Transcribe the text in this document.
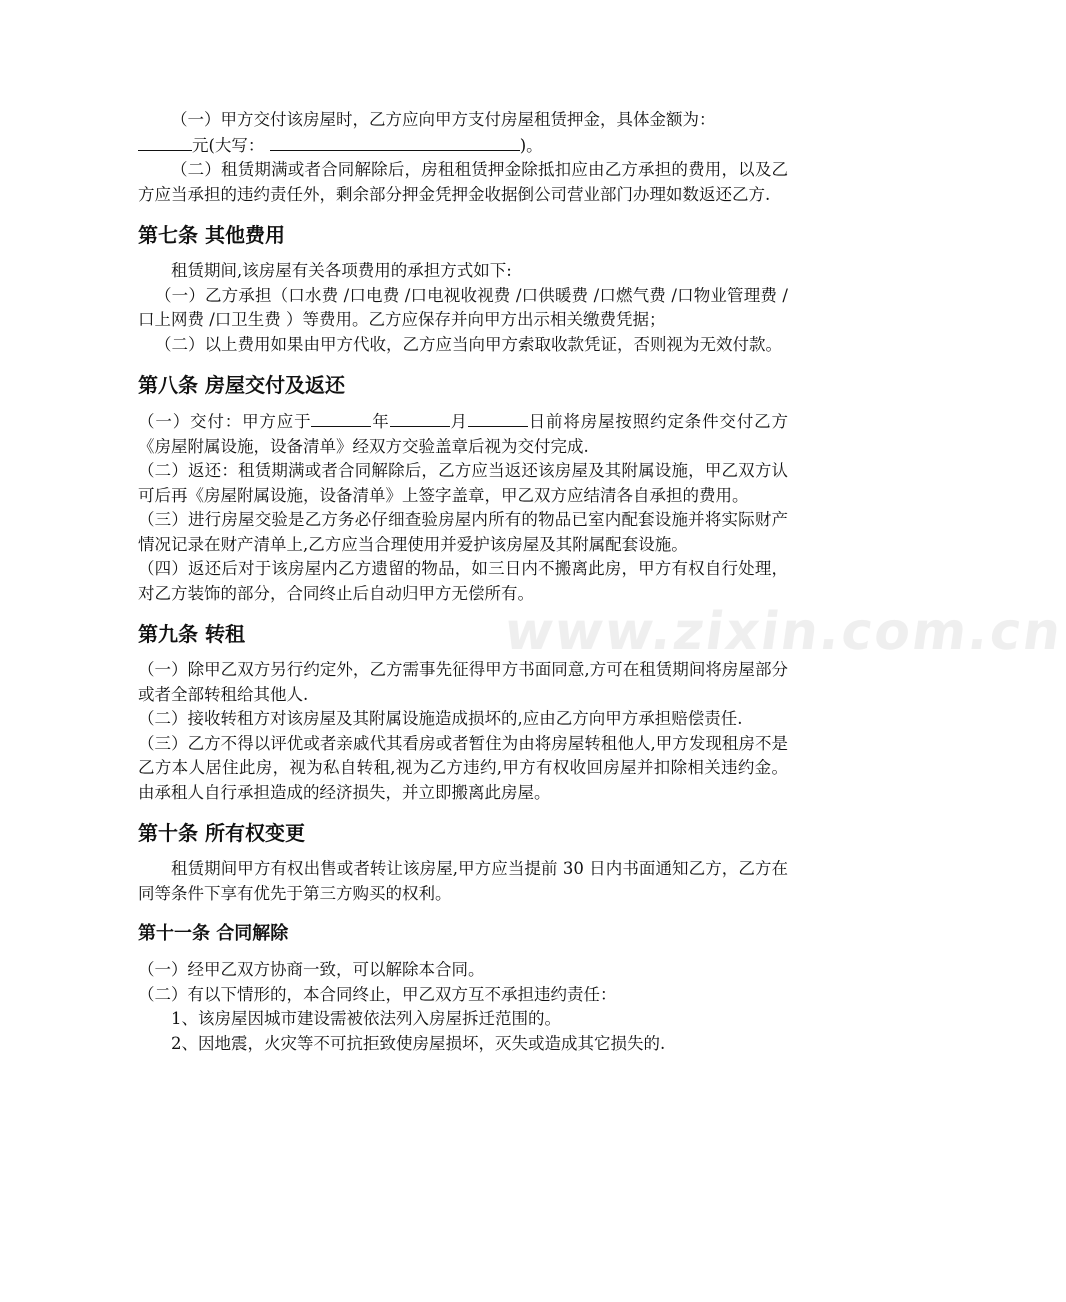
www.zixin.com.cn

（一）甲方交付该房屋时，乙方应向甲方支付房屋租赁押金，具体金额为：
元(大写：	)。

（二）租赁期满或者合同解除后，房租租赁押金除抵扣应由乙方承担的费用，以及乙方应当承担的违约责任外，剩余部分押金凭押金收据倒公司营业部门办理如数返还乙方.

第七条 其他费用

租赁期间,该房屋有关各项费用的承担方式如下:

（一）乙方承担（口水费 /口电费 /口电视收视费 /口供暖费 /口燃气费 /口物业管理费 /口上网费 /口卫生费 ）等费用。乙方应保存并向甲方出示相关缴费凭据；

（二）以上费用如果由甲方代收，乙方应当向甲方索取收款凭证，否则视为无效付款。

第八条 房屋交付及返还

（一）交付：甲方应于	年	月	日前将房屋按照约定条件交付乙方《房屋附属设施，设备清单》经双方交验盖章后视为交付完成.

（二）返还：租赁期满或者合同解除后，乙方应当返还该房屋及其附属设施，甲乙双方认可后再《房屋附属设施，设备清单》上签字盖章，甲乙双方应结清各自承担的费用。

（三）进行房屋交验是乙方务必仔细查验房屋内所有的物品已室内配套设施并将实际财产情况记录在财产清单上,乙方应当合理使用并爱护该房屋及其附属配套设施。

（四）返还后对于该房屋内乙方遗留的物品，如三日内不搬离此房，甲方有权自行处理，对乙方装饰的部分，合同终止后自动归甲方无偿所有。

第九条 转租

（一）除甲乙双方另行约定外，乙方需事先征得甲方书面同意,方可在租赁期间将房屋部分或者全部转租给其他人.

（二）接收转租方对该房屋及其附属设施造成损坏的,应由乙方向甲方承担赔偿责任.

（三）乙方不得以评优或者亲戚代其看房或者暂住为由将房屋转租他人,甲方发现租房不是乙方本人居住此房，视为私自转租,视为乙方违约,甲方有权收回房屋并扣除相关违约金。由承租人自行承担造成的经济损失，并立即搬离此房屋。

第十条 所有权变更

租赁期间甲方有权出售或者转让该房屋,甲方应当提前 30 日内书面通知乙方，乙方在同等条件下享有优先于第三方购买的权利。

第十一条 合同解除

（一）经甲乙双方协商一致，可以解除本合同。

（二）有以下情形的，本合同终止，甲乙双方互不承担违约责任：

1、该房屋因城市建设需被依法列入房屋拆迁范围的。

2、因地震，火灾等不可抗拒致使房屋损坏，灭失或造成其它损失的.
